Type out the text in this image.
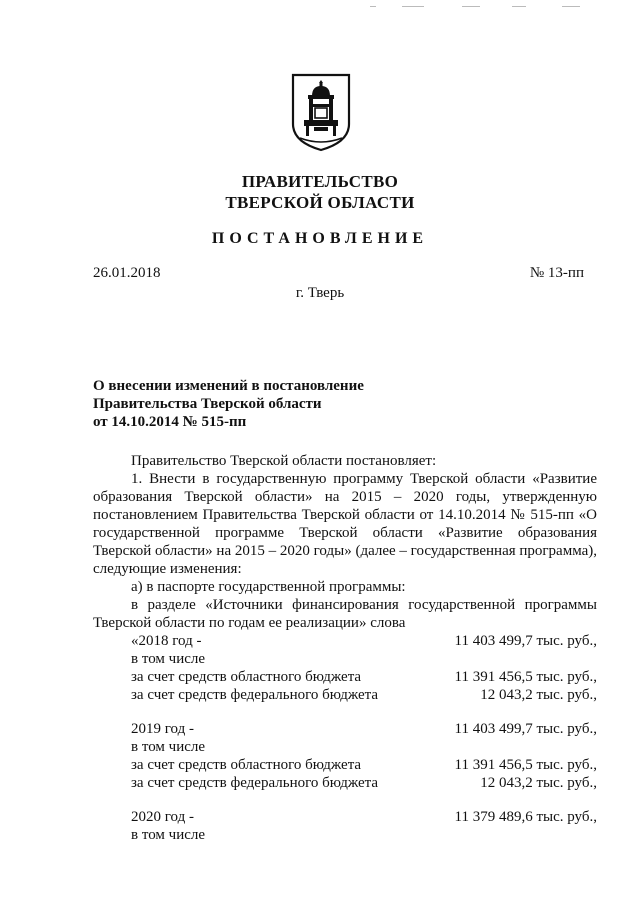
ПРАВИТЕЛЬСТВО
ТВЕРСКОЙ ОБЛАСТИ
ПОСТАНОВЛЕНИЕ
26.01.2018	№ 13-пп
г. Тверь
О внесении изменений в постановление
Правительства Тверской области
от 14.10.2014 № 515-пп
Правительство Тверской области постановляет:
1. Внести в государственную программу Тверской области «Развитие образования Тверской области» на 2015 – 2020 годы, утвержденную постановлением Правительства Тверской области от 14.10.2014 № 515-пп «О государственной программе Тверской области «Развитие образования Тверской области» на 2015 – 2020 годы» (далее – государственная программа), следующие изменения:
а) в паспорте государственной программы:
в разделе «Источники финансирования государственной программы Тверской области по годам ее реализации» слова
«2018 год -	11 403 499,7 тыс. руб.,
в том числе
за счет средств областного бюджета	11 391 456,5 тыс. руб.,
за счет средств федерального бюджета	12 043,2 тыс. руб.,
2019 год -	11 403 499,7 тыс. руб.,
в том числе
за счет средств областного бюджета	11 391 456,5 тыс. руб.,
за счет средств федерального бюджета	12 043,2 тыс. руб.,
2020 год -	11 379 489,6 тыс. руб.,
в том числе
